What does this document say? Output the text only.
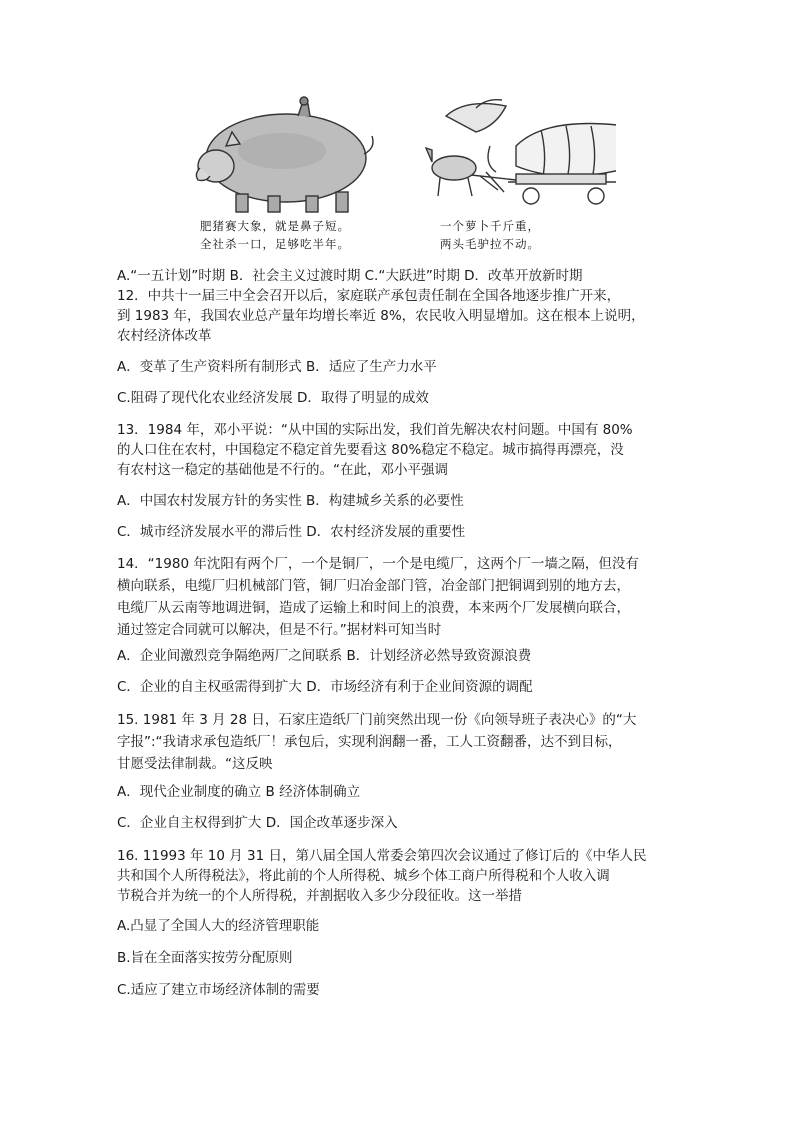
肥猪赛大象，就是鼻子短。
全社杀一口，足够吃半年。
一个萝卜千斤重，
两头毛驴拉不动。
A.“一五计划”时期 B．社会主义过渡时期 C.“大跃进”时期 D．改革开放新时期
12．中共十一届三中全会召开以后，家庭联产承包责任制在全国各地逐步推广开来，
到 1983 年，我国农业总产量年均增长率近 8%，农民收入明显增加。这在根本上说明，
农村经济体改革
A．变革了生产资料所有制形式 B．适应了生产力水平
C.阻碍了现代化农业经济发展 D．取得了明显的成效
13．1984 年，邓小平说：“从中国的实际出发，我们首先解决农村问题。中国有 80%
的人口住在农村，中国稳定不稳定首先要看这 80%稳定不稳定。城市搞得再漂亮，没
有农村这一稳定的基础他是不行的。“在此，邓小平强调
A．中国农村发展方针的务实性 B．构建城乡关系的必要性
C．城市经济发展水平的滞后性 D．农村经济发展的重要性
14．“1980 年沈阳有两个厂，一个是铜厂，一个是电缆厂，这两个厂一墙之隔，但没有
横向联系，电缆厂归机械部门管，铜厂归冶金部门管，冶金部门把铜调到别的地方去，
电缆厂从云南等地调进铜，造成了运输上和时间上的浪费，本来两个厂发展横向联合，
通过签定合同就可以解决，但是不行。”据材料可知当时
A．企业间激烈竞争隔绝两厂之间联系 B．计划经济必然导致资源浪费
C．企业的自主权亟需得到扩大 D．市场经济有利于企业间资源的调配
15. 1981 年 3 月 28 日，石家庄造纸厂门前突然出现一份《向领导班子表决心》的“大
字报”:“我请求承包造纸厂！承包后，实现利润翻一番，工人工资翻番，达不到目标，
甘愿受法律制裁。“这反映
A．现代企业制度的确立 B 经济体制确立
C．企业自主权得到扩大 D．国企改革逐步深入
16. 11993 年 10 月 31 日，第八届全国人常委会第四次会议通过了修订后的《中华人民
共和国个人所得税法》，将此前的个人所得税、城乡个体工商户所得税和个人收入调
节税合并为统一的个人所得税，并割据收入多少分段征收。这一举措
A.凸显了全国人大的经济管理职能
B.旨在全面落实按劳分配原则
C.适应了建立市场经济体制的需要
